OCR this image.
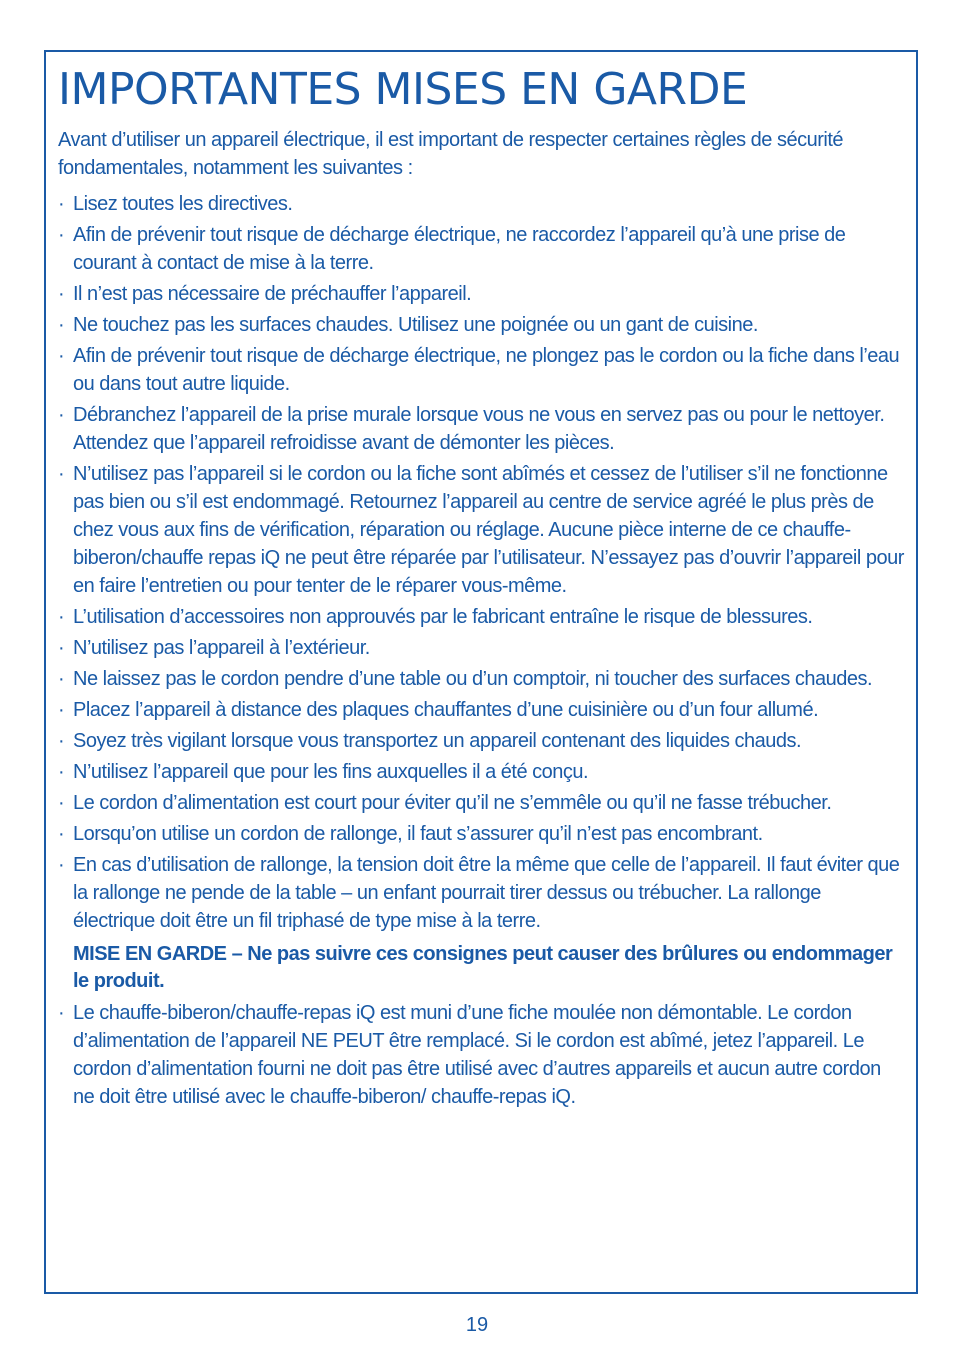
IMPORTANTES MISES EN GARDE

Avant d’utiliser un appareil électrique, il est important de respecter certaines règles de sécurité fondamentales, notamment les suivantes :

· Lisez toutes les directives.
· Afin de prévenir tout risque de décharge électrique, ne raccordez l’appareil qu’à une prise de courant à contact de mise à la terre.
· Il n’est pas nécessaire de préchauffer l’appareil.
· Ne touchez pas les surfaces chaudes. Utilisez une poignée ou un gant de cuisine.
· Afin de prévenir tout risque de décharge électrique, ne plongez pas le cordon ou la fiche dans l’eau ou dans tout autre liquide.
· Débranchez l’appareil de la prise murale lorsque vous ne vous en servez pas ou pour le nettoyer. Attendez que l’appareil refroidisse avant de démonter les pièces.
· N’utilisez pas l’appareil si le cordon ou la fiche sont abîmés et cessez de l’utiliser s’il ne fonctionne pas bien ou s’il est endommagé. Retournez l’appareil au centre de service agréé le plus près de chez vous aux fins de vérification, réparation ou réglage. Aucune pièce interne de ce chauffe-biberon/chauffe repas iQ ne peut être réparée par l’utilisateur. N’essayez pas d’ouvrir l’appareil pour en faire l’entretien ou pour tenter de le réparer vous-même.
· L’utilisation d’accessoires non approuvés par le fabricant entraîne le risque de blessures.
· N’utilisez pas l’appareil à l’extérieur.
· Ne laissez pas le cordon pendre d’une table ou d’un comptoir, ni toucher des surfaces chaudes.
· Placez l’appareil à distance des plaques chauffantes d’une cuisinière ou d’un four allumé.
· Soyez très vigilant lorsque vous transportez un appareil contenant des liquides chauds.
· N’utilisez l’appareil que pour les fins auxquelles il a été conçu.
· Le cordon d’alimentation est court pour éviter qu’il ne s’emmêle ou qu’il ne fasse trébucher.
· Lorsqu’on utilise un cordon de rallonge, il faut s’assurer qu’il n’est pas encombrant.
· En cas d’utilisation de rallonge, la tension doit être la même que celle de l’appareil. Il faut éviter que la rallonge ne pende de la table – un enfant pourrait tirer dessus ou trébucher. La rallonge électrique doit être un fil triphasé de type mise à la terre.

MISE EN GARDE – Ne pas suivre ces consignes peut causer des brûlures ou endommager le produit.

· Le chauffe-biberon/chauffe-repas iQ est muni d’une fiche moulée non démontable. Le cordon d’alimentation de l’appareil NE PEUT être remplacé. Si le cordon est abîmé, jetez l’appareil. Le cordon d’alimentation fourni ne doit pas être utilisé avec d’autres appareils et aucun autre cordon ne doit être utilisé avec le chauffe-biberon/ chauffe-repas iQ.
19
